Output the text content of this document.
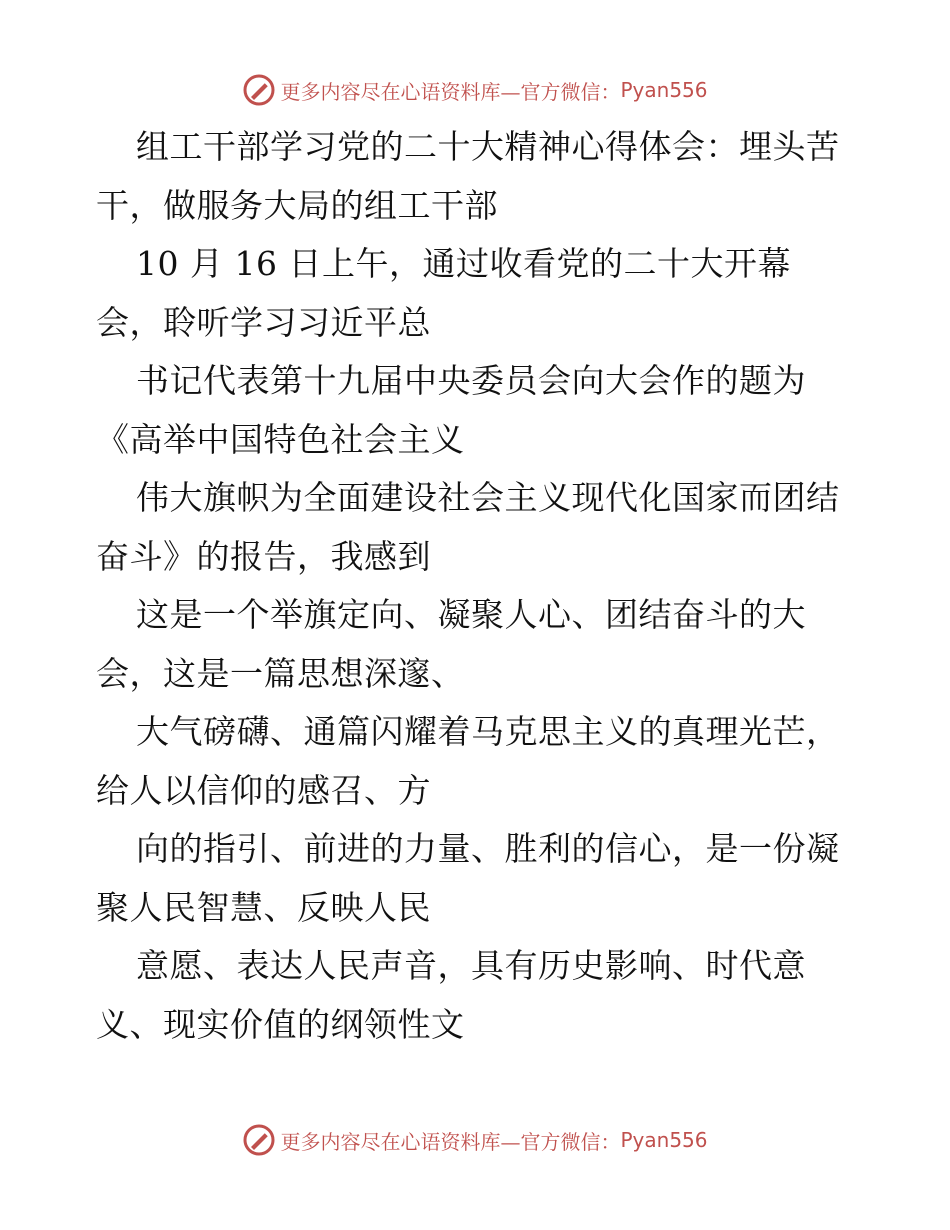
更多内容尽在心语资料库—官方微信： Pyan556
组工干部学习党的二十大精神心得体会：埋头苦
干，做服务大局的组工干部
10 月 16 日上午，通过收看党的二十大开幕
会，聆听学习习近平总
书记代表第十九届中央委员会向大会作的题为
《高举中国特色社会主义
伟大旗帜为全面建设社会主义现代化国家而团结
奋斗》的报告，我感到
这是一个举旗定向、凝聚人心、团结奋斗的大
会，这是一篇思想深邃、
大气磅礴、通篇闪耀着马克思主义的真理光芒，
给人以信仰的感召、方
向的指引、前进的力量、胜利的信心，是一份凝
聚人民智慧、反映人民
意愿、表达人民声音，具有历史影响、时代意
义、现实价值的纲领性文
更多内容尽在心语资料库—官方微信： Pyan556
